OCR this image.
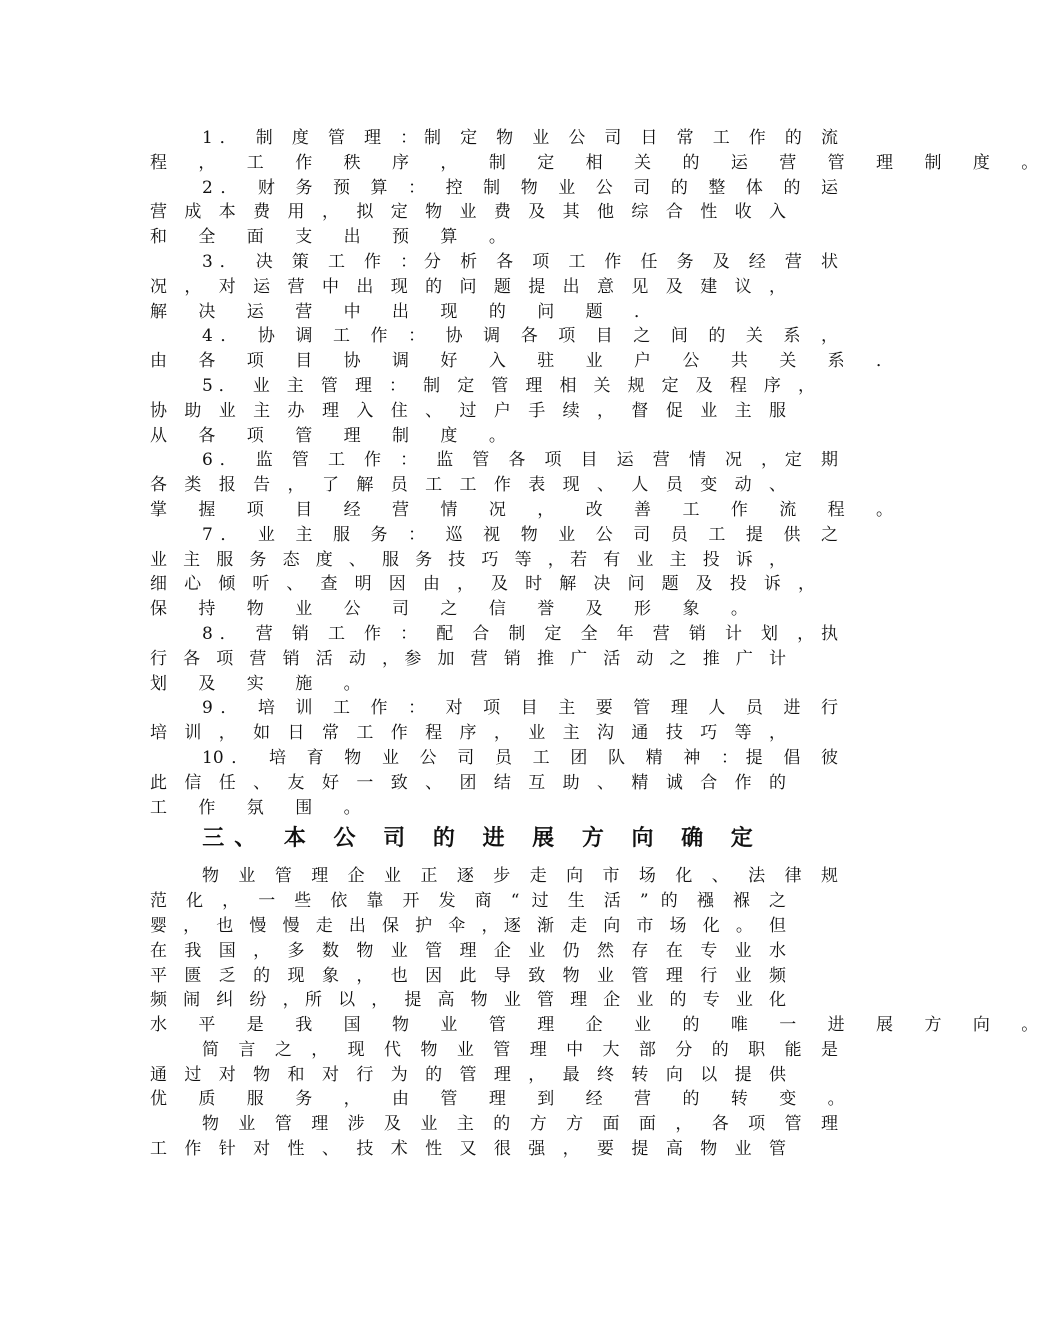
1． 制 度 管 理 ：制 定 物 业 公 司 日 常 工 作 的 流
程 ， 工 作 秩 序 ， 制 定 相 关 的 运 营 管 理 制 度 。
2． 财 务 预 算 ： 控 制 物 业 公 司 的 整 体 的 运
营 成 本 费 用 ， 拟 定 物 业 费 及 其 他 综 合 性 收 入
和 全 面 支 出 预 算 。
3． 决 策 工 作 ：分 析 各 项 工 作 任 务 及 经 营 状
况 ， 对 运 营 中 出 现 的 问 题 提 出 意 见 及 建 议 ，
解 决 运 营 中 出 现 的 问 题 ．
4． 协 调 工 作 ： 协 调 各 项 目 之 间 的 关 系 ，
由 各 项 目 协 调 好 入 驻 业 户 公 共 关 系 ．
5． 业 主 管 理 ： 制 定 管 理 相 关 规 定 及 程 序 ，
协 助 业 主 办 理 入 住 、 过 户 手 续 ， 督 促 业 主 服
从 各 项 管 理 制 度 。
6． 监 管 工 作 ： 监 管 各 项 目 运 营 情 况 ，定 期
各 类 报 告 ， 了 解 员 工 工 作 表 现 、 人 员 变 动 、
掌 握 项 目 经 营 情 况 ， 改 善 工 作 流 程 。
7． 业 主 服 务 ： 巡 视 物 业 公 司 员 工 提 供 之
业 主 服 务 态 度 、 服 务 技 巧 等 ，若 有 业 主 投 诉 ，
细 心 倾 听 、 查 明 因 由 ， 及 时 解 决 问 题 及 投 诉 ，
保 持 物 业 公 司 之 信 誉 及 形 象 。
8． 营 销 工 作 ： 配 合 制 定 全 年 营 销 计 划 ，执
行 各 项 营 销 活 动 ，参 加 营 销 推 广 活 动 之 推 广 计
划 及 实 施 。
9． 培 训 工 作 ： 对 项 目 主 要 管 理 人 员 进 行
培 训 ， 如 日 常 工 作 程 序 ， 业 主 沟 通 技 巧 等 ，
10． 培 育 物 业 公 司 员 工 团 队 精 神 ：提 倡 彼
此 信 任 、 友 好 一 致 、 团 结 互 助 、 精 诚 合 作 的
工 作 氛 围 。
三、 本 公 司 的 进 展 方 向 确 定
物 业 管 理 企 业 正 逐 步 走 向 市 场 化 、 法 律 规
范 化 ， 一 些 依 靠 开 发 商 “ 过 生 活 ” 的 襁 褓 之
婴 ， 也 慢 慢 走 出 保 护 伞 ，逐 渐 走 向 市 场 化 。 但
在 我 国 ， 多 数 物 业 管 理 企 业 仍 然 存 在 专 业 水
平 匮 乏 的 现 象 ， 也 因 此 导 致 物 业 管 理 行 业 频
频 闹 纠 纷 ，所 以 ， 提 高 物 业 管 理 企 业 的 专 业 化
水 平 是 我 国 物 业 管 理 企 业 的 唯 一 进 展 方 向 。
简 言 之 ， 现 代 物 业 管 理 中 大 部 分 的 职 能 是
通 过 对 物 和 对 行 为 的 管 理 ， 最 终 转 向 以 提 供
优 质 服 务 ， 由 管 理 到 经 营 的 转 变 。
物 业 管 理 涉 及 业 主 的 方 方 面 面 ， 各 项 管 理
工 作 针 对 性 、 技 术 性 又 很 强 ， 要 提 高 物 业 管
